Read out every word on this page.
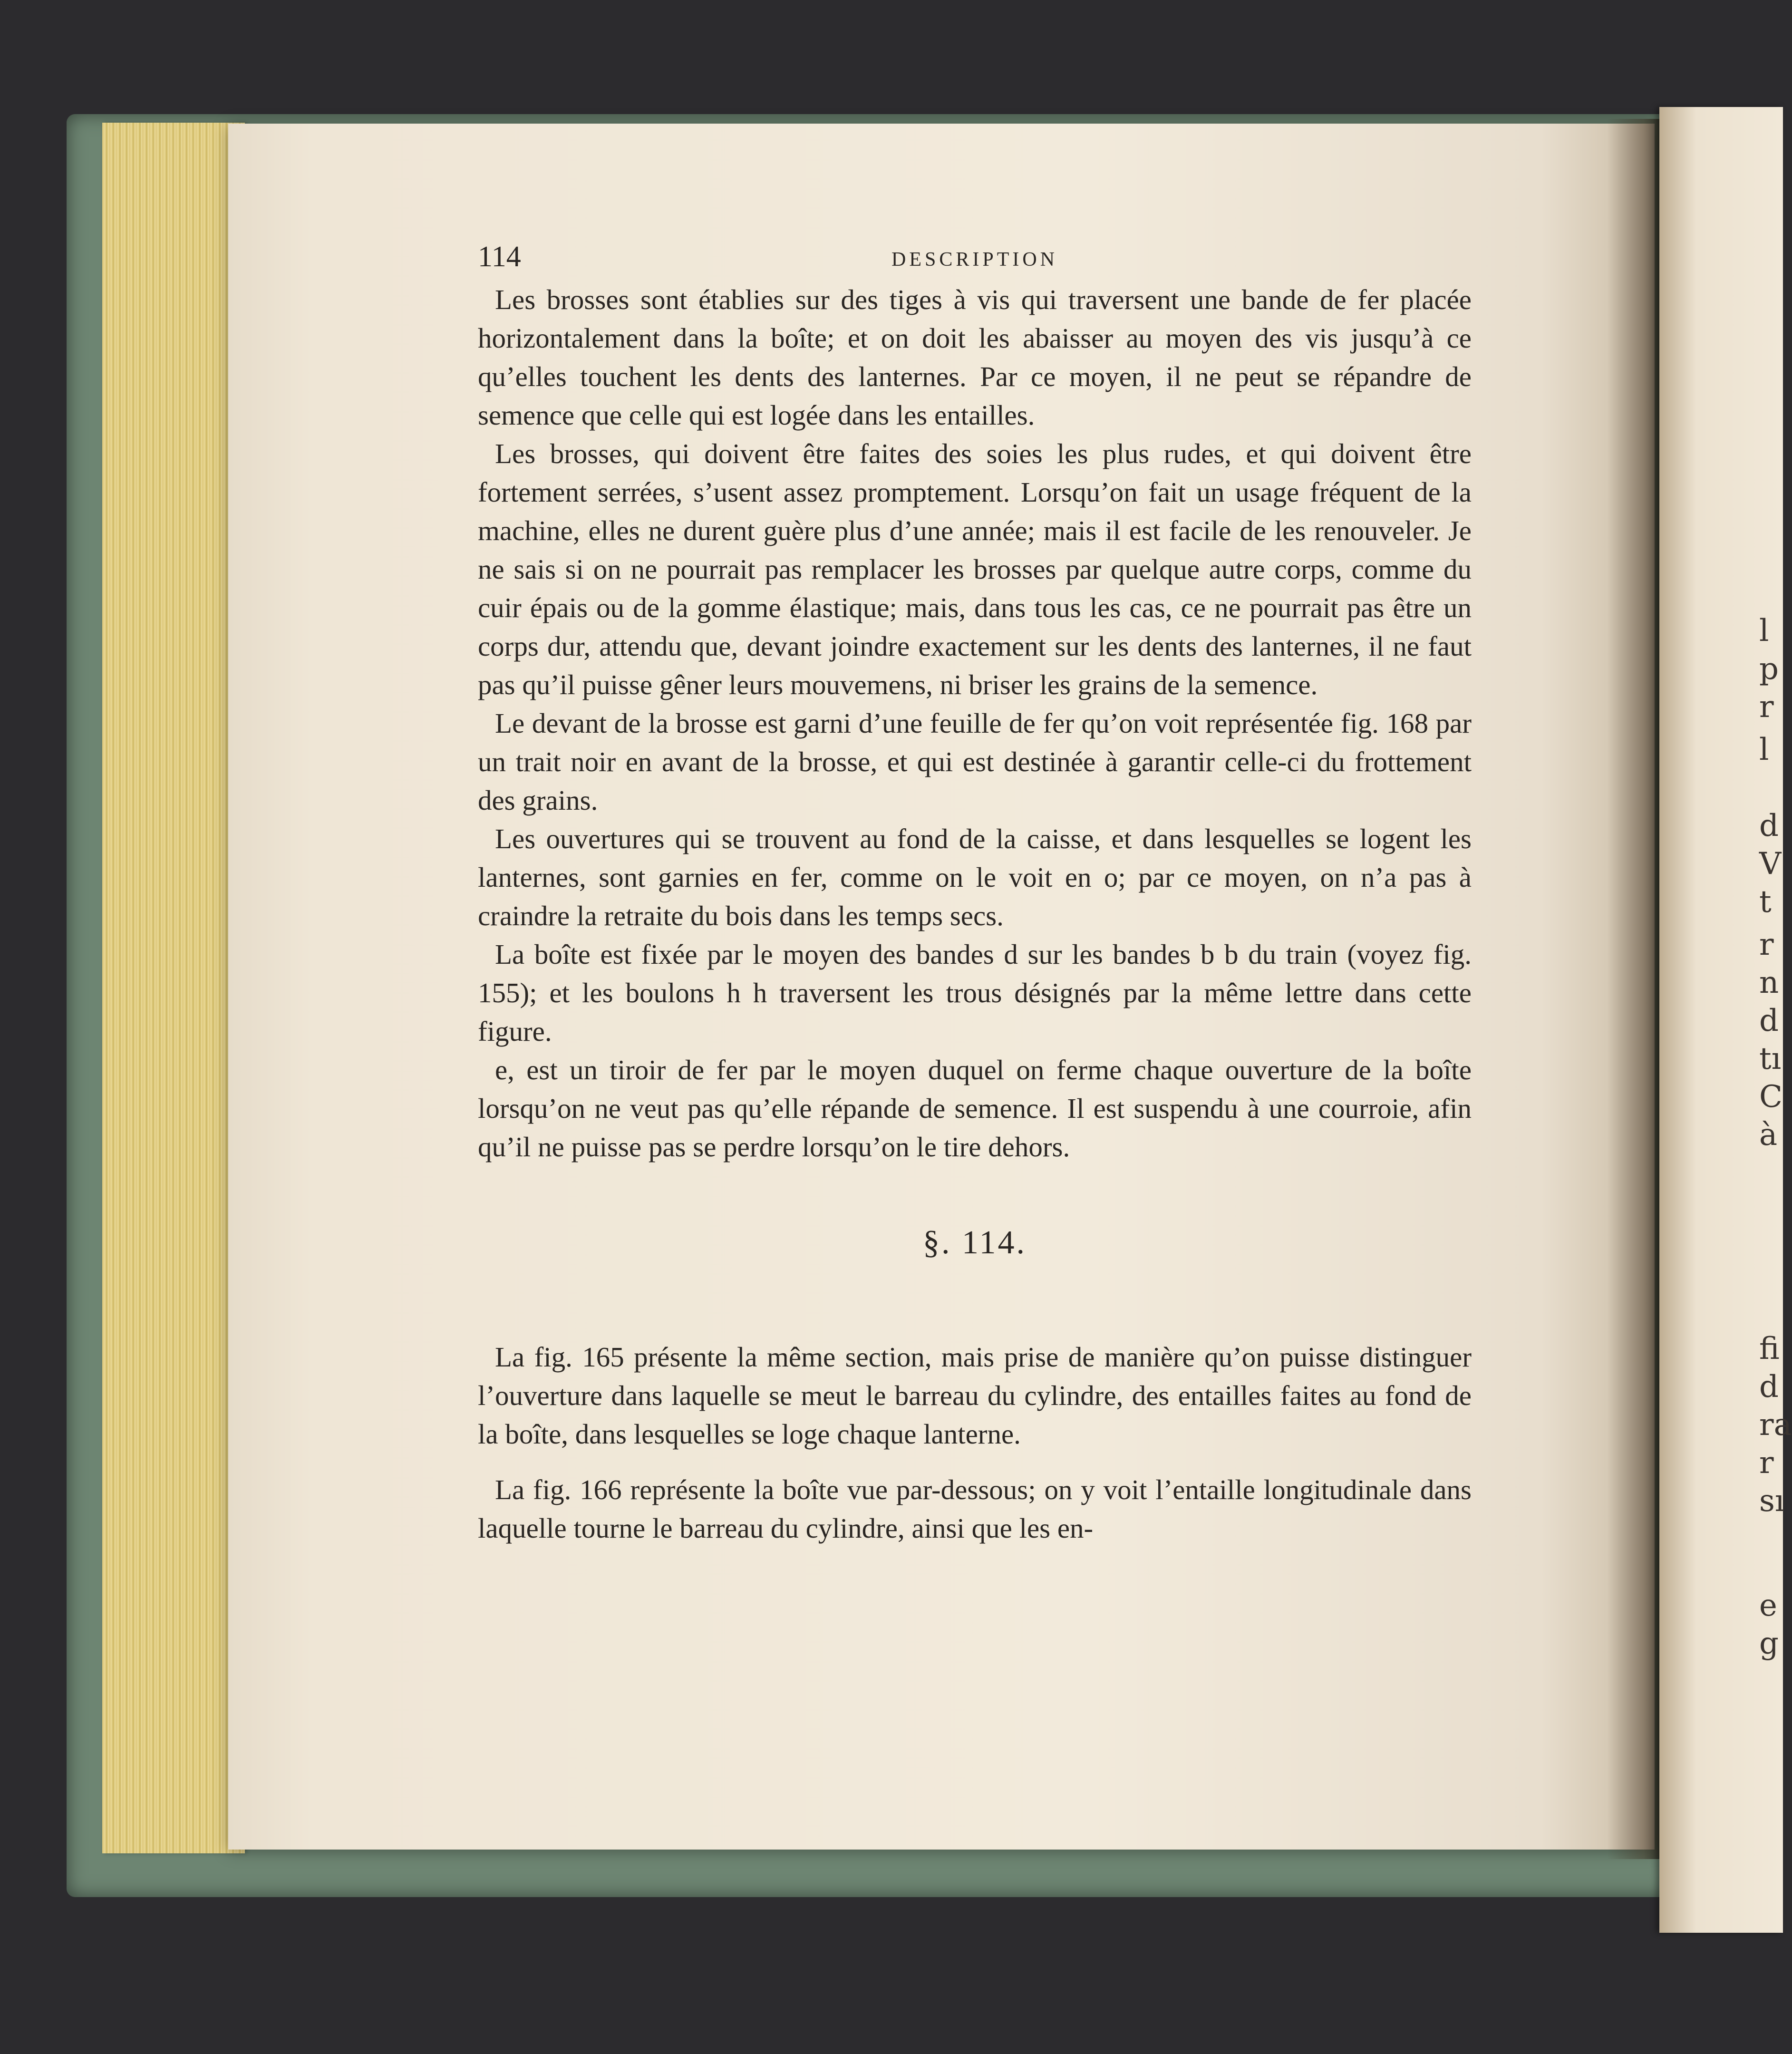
l
p
r
l
d
V
t
r
n
d
tı
C
à
fi
d
ra
r
sı
e
g
114	DESCRIPTION

Les brosses sont établies sur des tiges à vis qui traversent une bande de fer placée horizontalement dans la boîte; et on doit les abaisser au moyen des vis jusqu’à ce qu’elles touchent les dents des lanternes. Par ce moyen, il ne peut se répandre de semence que celle qui est logée dans les entailles.

Les brosses, qui doivent être faites des soies les plus rudes, et qui doivent être fortement serrées, s’usent assez promptement. Lorsqu’on fait un usage fréquent de la machine, elles ne durent guère plus d’une année; mais il est facile de les renouveler. Je ne sais si on ne pourrait pas remplacer les brosses par quelque autre corps, comme du cuir épais ou de la gomme élastique; mais, dans tous les cas, ce ne pourrait pas être un corps dur, attendu que, devant joindre exactement sur les dents des lanternes, il ne faut pas qu’il puisse gêner leurs mouvemens, ni briser les grains de la semence.

Le devant de la brosse est garni d’une feuille de fer qu’on voit représentée fig. 168 par un trait noir en avant de la brosse, et qui est destinée à garantir celle-ci du frottement des grains.

Les ouvertures qui se trouvent au fond de la caisse, et dans lesquelles se logent les lanternes, sont garnies en fer, comme on le voit en o; par ce moyen, on n’a pas à craindre la retraite du bois dans les temps secs.

La boîte est fixée par le moyen des bandes d sur les bandes b b du train (voyez fig. 155); et les boulons h h traversent les trous désignés par la même lettre dans cette figure.

e, est un tiroir de fer par le moyen duquel on ferme chaque ouverture de la boîte lorsqu’on ne veut pas qu’elle répande de semence. Il est suspendu à une courroie, afin qu’il ne puisse pas se perdre lorsqu’on le tire dehors.

§. 114.

La fig. 165 présente la même section, mais prise de manière qu’on puisse distinguer l’ouverture dans laquelle se meut le barreau du cylindre, des entailles faites au fond de la boîte, dans lesquelles se loge chaque lanterne.

La fig. 166 représente la boîte vue par-dessous; on y voit l’entaille longitudinale dans laquelle tourne le barreau du cylindre, ainsi que les en-
